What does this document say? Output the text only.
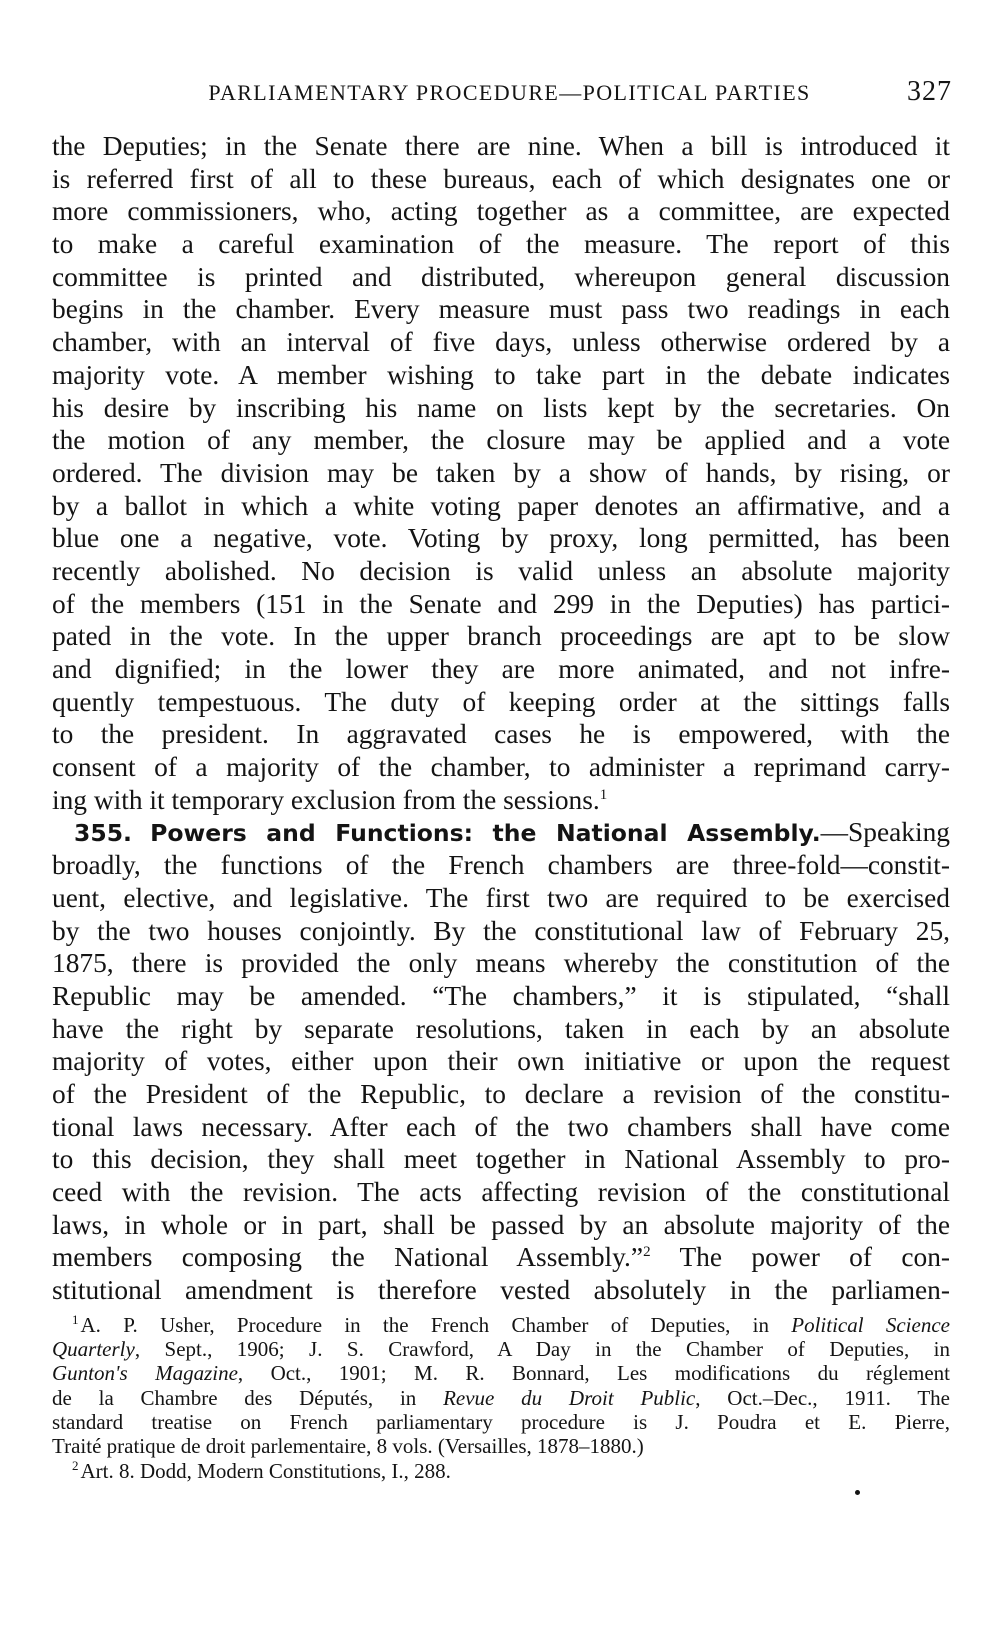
PARLIAMENTARY PROCEDURE—POLITICAL PARTIES	327
the Deputies; in the Senate there are nine. When a bill is introduced it
is referred first of all to these bureaus, each of which designates one or
more commissioners, who, acting together as a committee, are expected
to make a careful examination of the measure. The report of this
committee is printed and distributed, whereupon general discussion
begins in the chamber. Every measure must pass two readings in each
chamber, with an interval of five days, unless otherwise ordered by a
majority vote. A member wishing to take part in the debate indicates
his desire by inscribing his name on lists kept by the secretaries. On
the motion of any member, the closure may be applied and a vote
ordered. The division may be taken by a show of hands, by rising, or
by a ballot in which a white voting paper denotes an affirmative, and a
blue one a negative, vote. Voting by proxy, long permitted, has been
recently abolished. No decision is valid unless an absolute majority
of the members (151 in the Senate and 299 in the Deputies) has partici-
pated in the vote. In the upper branch proceedings are apt to be slow
and dignified; in the lower they are more animated, and not infre-
quently tempestuous. The duty of keeping order at the sittings falls
to the president. In aggravated cases he is empowered, with the
consent of a majority of the chamber, to administer a reprimand carry-
ing with it temporary exclusion from the sessions.$^1$
355. Powers and Functions: the National Assembly.—Speaking
broadly, the functions of the French chambers are three-fold—constit-
uent, elective, and legislative. The first two are required to be exercised
by the two houses conjointly. By the constitutional law of February 25,
1875, there is provided the only means whereby the constitution of the
Republic may be amended. “The chambers,” it is stipulated, “shall
have the right by separate resolutions, taken in each by an absolute
majority of votes, either upon their own initiative or upon the request
of the President of the Republic, to declare a revision of the constitu-
tional laws necessary. After each of the two chambers shall have come
to this decision, they shall meet together in National Assembly to pro-
ceed with the revision. The acts affecting revision of the constitutional
laws, in whole or in part, shall be passed by an absolute majority of the
members composing the National Assembly.”$^2$ The power of con-
stitutional amendment is therefore vested absolutely in the parliamen-
$^1$A. P. Usher, Procedure in the French Chamber of Deputies, in Political Science
Quarterly, Sept., 1906; J. S. Crawford, A Day in the Chamber of Deputies, in
Gunton's Magazine, Oct., 1901; M. R. Bonnard, Les modifications du réglement
de la Chambre des Députés, in Revue du Droit Public, Oct.–Dec., 1911. The
standard treatise on French parliamentary procedure is J. Poudra et E. Pierre,
Traité pratique de droit parlementaire, 8 vols. (Versailles, 1878–1880.)
$^2$Art. 8. Dodd, Modern Constitutions, I., 288.
